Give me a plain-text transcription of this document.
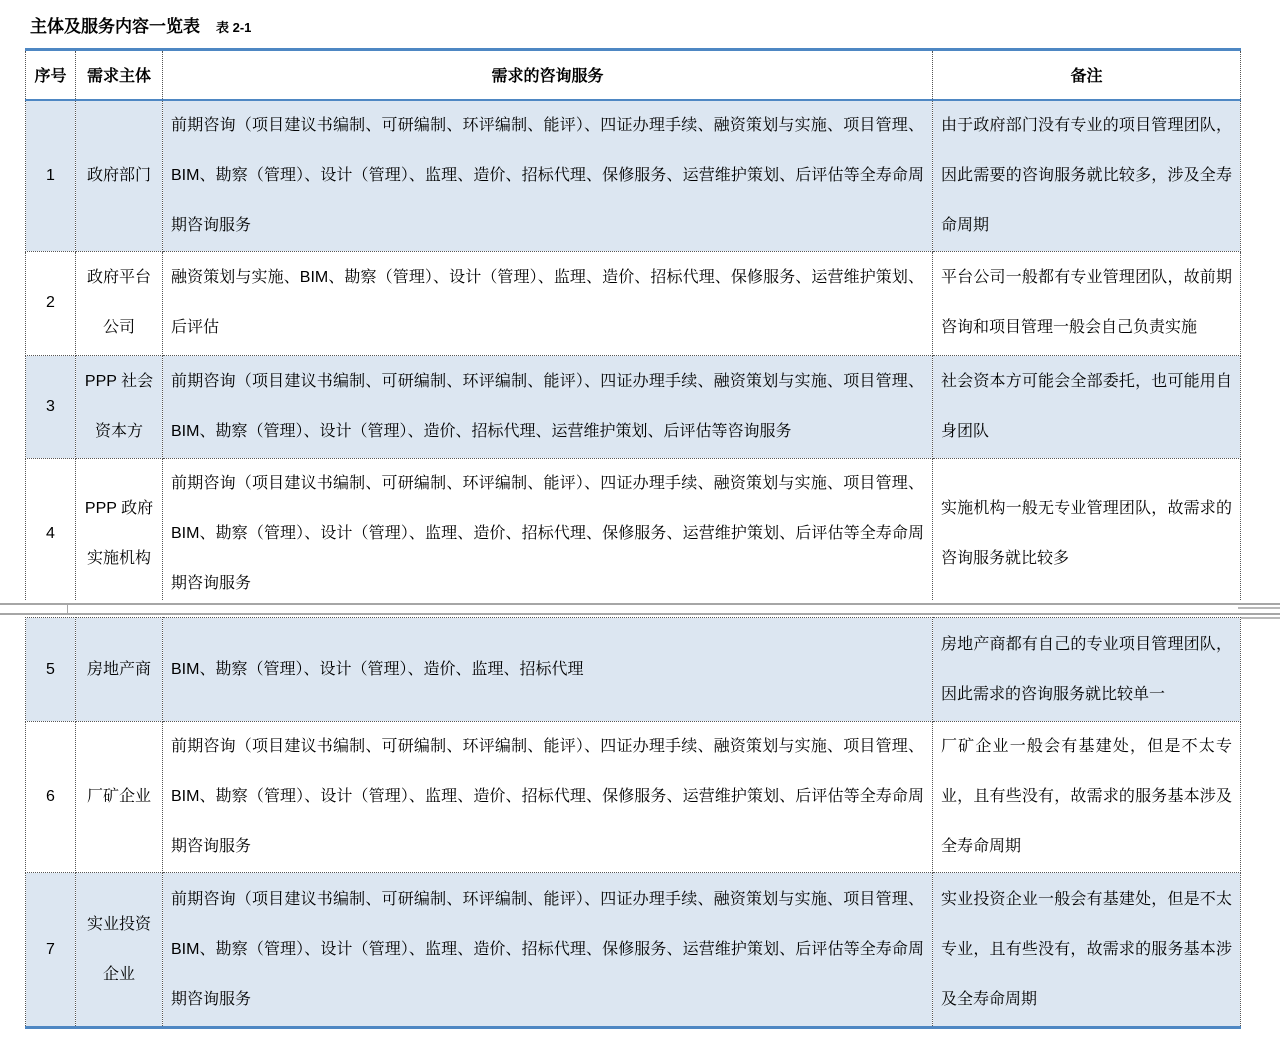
主体及服务内容一览表 表 2-1
序号	需求主体	需求的咨询服务	备注
1	政府部门	前期咨询（项目建议书编制、可研编制、环评编制、能评）、四证办理手续、融资策划与实施、项目管理、BIM、勘察（管理）、设计（管理）、监理、造价、招标代理、保修服务、运营维护策划、后评估等全寿命周期咨询服务	由于政府部门没有专业的项目管理团队，因此需要的咨询服务就比较多，涉及全寿命周期
2	政府平台公司	融资策划与实施、BIM、勘察（管理）、设计（管理）、监理、造价、招标代理、保修服务、运营维护策划、后评估	平台公司一般都有专业管理团队，故前期咨询和项目管理一般会自己负责实施
3	PPP 社会资本方	前期咨询（项目建议书编制、可研编制、环评编制、能评）、四证办理手续、融资策划与实施、项目管理、BIM、勘察（管理）、设计（管理）、造价、招标代理、运营维护策划、后评估等咨询服务	社会资本方可能会全部委托，也可能用自身团队
4	PPP 政府实施机构	前期咨询（项目建议书编制、可研编制、环评编制、能评）、四证办理手续、融资策划与实施、项目管理、BIM、勘察（管理）、设计（管理）、监理、造价、招标代理、保修服务、运营维护策划、后评估等全寿命周期咨询服务	实施机构一般无专业管理团队，故需求的咨询服务就比较多
5	房地产商	BIM、勘察（管理）、设计（管理）、造价、监理、招标代理	房地产商都有自己的专业项目管理团队，因此需求的咨询服务就比较单一
6	厂矿企业	前期咨询（项目建议书编制、可研编制、环评编制、能评）、四证办理手续、融资策划与实施、项目管理、BIM、勘察（管理）、设计（管理）、监理、造价、招标代理、保修服务、运营维护策划、后评估等全寿命周期咨询服务	厂矿企业一般会有基建处，但是不太专业，且有些没有，故需求的服务基本涉及全寿命周期
7	实业投资企业	前期咨询（项目建议书编制、可研编制、环评编制、能评）、四证办理手续、融资策划与实施、项目管理、BIM、勘察（管理）、设计（管理）、监理、造价、招标代理、保修服务、运营维护策划、后评估等全寿命周期咨询服务	实业投资企业一般会有基建处，但是不太专业，且有些没有，故需求的服务基本涉及全寿命周期
